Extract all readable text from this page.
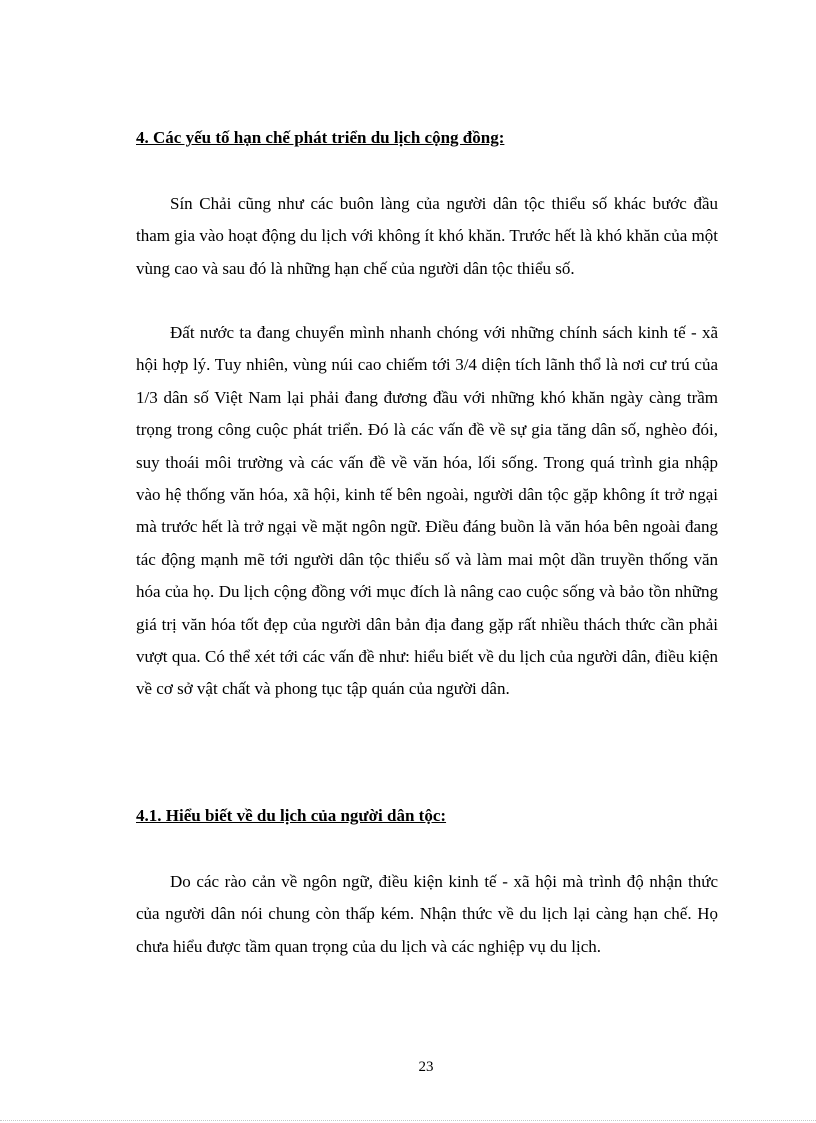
4. Các yếu tố hạn chế phát triển du lịch cộng đồng:

Sín Chải cũng như các buôn làng của người dân tộc thiểu số khác bước đầu tham gia vào hoạt động du lịch với không ít khó khăn. Trước hết là khó khăn của một vùng cao và sau đó là những hạn chế của người dân tộc thiểu số.

Đất nước ta đang chuyển mình nhanh chóng với những chính sách kinh tế - xã hội hợp lý. Tuy nhiên, vùng núi cao chiếm tới 3/4 diện tích lãnh thổ là nơi cư trú của 1/3 dân số Việt Nam lại phải đang đương đầu với những khó khăn ngày càng trầm trọng trong công cuộc phát triển. Đó là các vấn đề về sự gia tăng dân số, nghèo đói, suy thoái môi trường và các vấn đề về văn hóa, lối sống. Trong quá trình gia nhập vào hệ thống văn hóa, xã hội, kinh tế bên ngoài, người dân tộc gặp không ít trở ngại mà trước hết là trở ngại về mặt ngôn ngữ. Điều đáng buồn là văn hóa bên ngoài đang tác động mạnh mẽ tới người dân tộc thiểu số và làm mai một dần truyền thống văn hóa của họ. Du lịch cộng đồng với mục đích là nâng cao cuộc sống và bảo tồn những giá trị văn hóa tốt đẹp của người dân bản địa đang gặp rất nhiều thách thức cần phải vượt qua. Có thể xét tới các vấn đề như: hiểu biết về du lịch của người dân, điều kiện về cơ sở vật chất và phong tục tập quán của người dân.

4.1. Hiểu biết về du lịch của người dân tộc:

Do các rào cản về ngôn ngữ, điều kiện kinh tế - xã hội mà trình độ nhận thức của người dân nói chung còn thấp kém. Nhận thức về du lịch lại càng hạn chế. Họ chưa hiểu được tầm quan trọng của du lịch và các nghiệp vụ du lịch.

23
